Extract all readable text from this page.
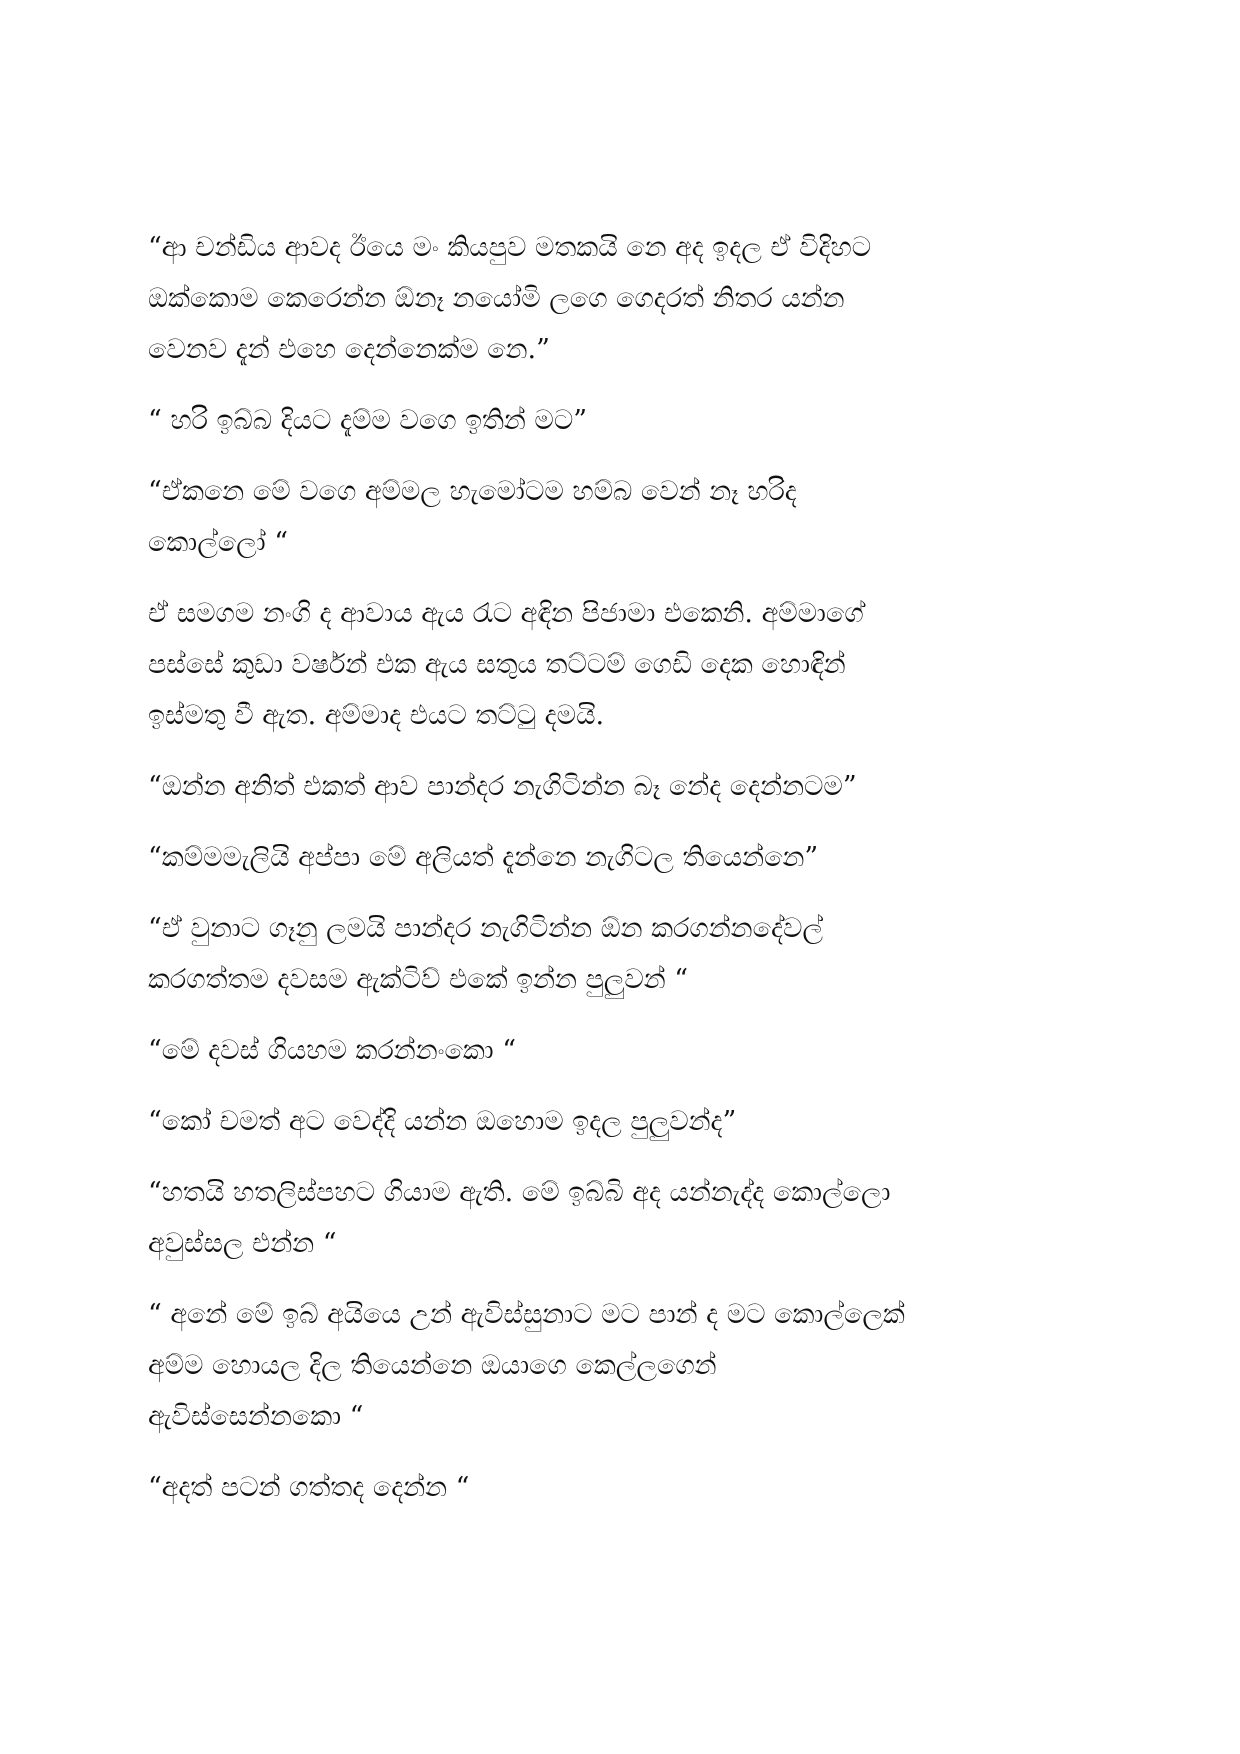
“ආ චන්ඩිය ආවද ඊයෙ මං කියපුව මතකයි නෙ අද ඉදල ඒ විදිහට
ඔක්කොම කෙරෙන්න ඕනෑ නයෝමි ලගෙ ගෙදරත් නිතර යන්න
වෙනව දැන් එහෙ දෙන්නෙක්ම නෙ.”

“ හරි ඉබ්බ දියට දැම්ම වගෙ ඉතින් මට”

“ඒකනෙ මේ වගෙ අම්මල හැමෝටම හම්බ වෙන් නෑ හරිද
කොල්ලෝ “

ඒ සමගම නංගි ද ආවාය ඇය රැට අඳින පිජාමා එකෙනි. අම්මාගේ
පස්සේ කුඩා වර්ෂන් එක ඇය සතුය තට්ටම් ගෙඩි දෙක හොඳින්
ඉස්මතු වී ඇත. අම්මාද එයට තට්ටු දමයි.

“ඔන්න අනිත් එකත් ආව පාන්දර නැගිටින්න බෑ නේද දෙන්නටම”

“කම්මමැලියි අප්පා මේ අලියත් දැන්නෙ නැගිටල තියෙන්නෙ”

“ඒ වුනාට ගෑනු ලමයි පාන්දර නැගිටින්න ඕන කරගන්නදේවල්
කරගත්තම දවසම ඇක්ටිව් එකේ ඉන්න පුලුවන් “

“මේ දවස් ගියහම කරන්නංකො “

“කෝ චමත් අට වෙද්දි යන්න ඔහොම ඉදල පුලුවන්ද”

“හතයි හතලිස්පහට ගියාම ඇති. මේ ඉබ්බි අද යන්නැද්ද කොල්ලො
අවුස්සල එන්න “

“ අනේ මේ ඉබ් අයියෙ උන් ඇවිස්සුනාට මට පාන් ද මට කොල්ලෙක්
අම්ම හොයල දිල තියෙන්නෙ ඔයාගෙ කෙල්ලගෙන්
ඇවිස්සෙන්නකො “

“අදත් පටන් ගත්තද දෙන්න “
